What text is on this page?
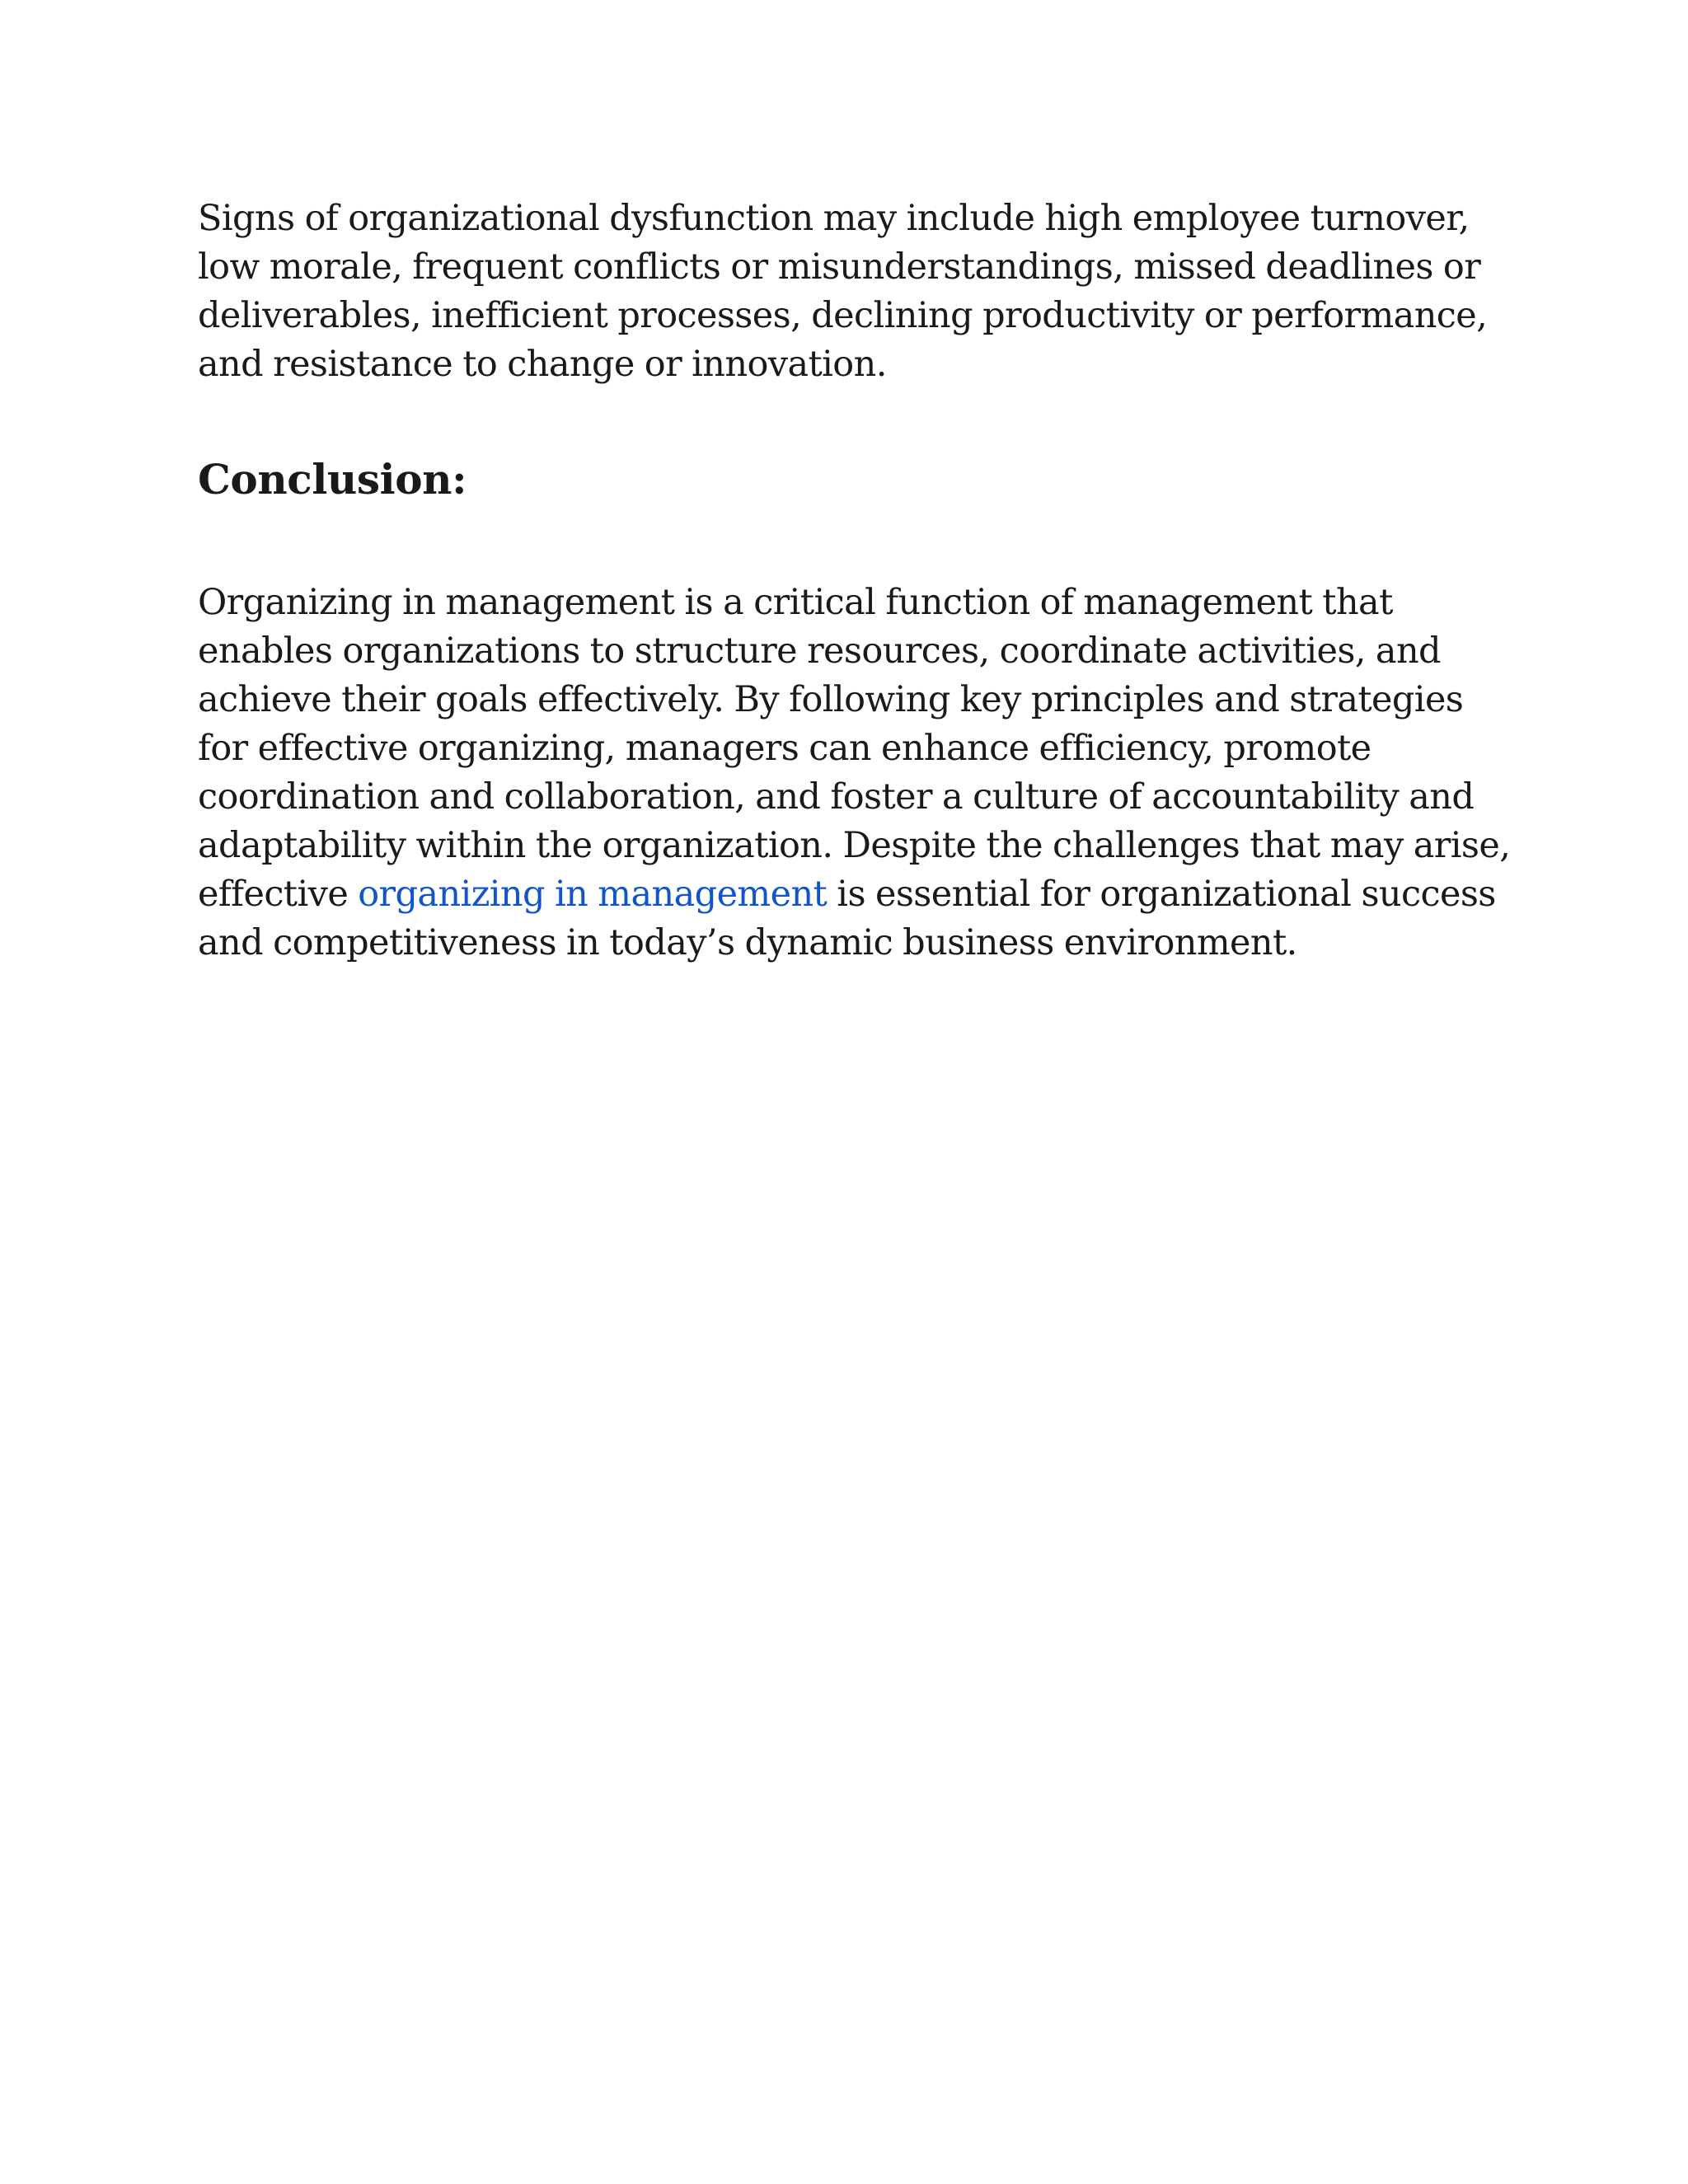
Signs of organizational dysfunction may include high employee turnover, low morale, frequent conflicts or misunderstandings, missed deadlines or deliverables, inefficient processes, declining productivity or performance, and resistance to change or innovation.

Conclusion:

Organizing in management is a critical function of management that enables organizations to structure resources, coordinate activities, and achieve their goals effectively. By following key principles and strategies for effective organizing, managers can enhance efficiency, promote coordination and collaboration, and foster a culture of accountability and adaptability within the organization. Despite the challenges that may arise, effective organizing in management is essential for organizational success and competitiveness in today’s dynamic business environment.
